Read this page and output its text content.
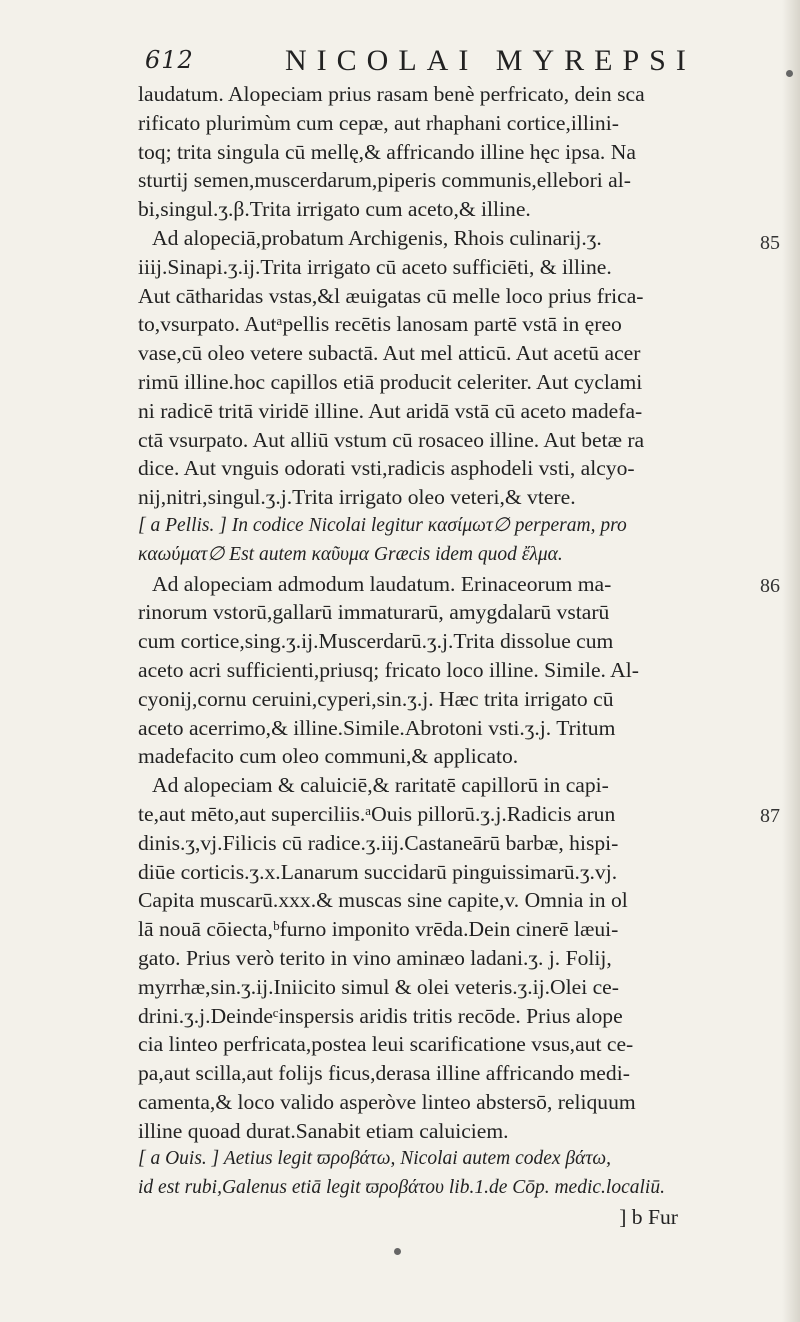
612	NICOLAI MYREPSI
laudatum. Alopeciam prius rasam benè perfricato, dein sca
rificato plurimùm cum cepæ, aut rhaphani cortice,illini-
toq; trita singula cū mellę,& affricando illine hęc ipsa. Na
sturtij semen,muscerdarum,piperis communis,ellebori al-
bi,singul.ʒ.β.Trita irrigato cum aceto,& illine.
Ad alopeciā,probatum Archigenis, Rhois culinarij.ʒ.
iiij.Sinapi.ʒ.ij.Trita irrigato cū aceto sufficiēti, & illine.
Aut cātharidas vstas,&l æuigatas cū melle loco prius frica-
to,vsurpato. Autᵃpellis recētis lanosam partē vstā in ęreo
vase,cū oleo vetere subactā. Aut mel atticū. Aut acetū acer
rimū illine.hoc capillos etiā producit celeriter. Aut cyclami
ni radicē tritā viridē illine. Aut aridā vstā cū aceto madefa-
ctā vsurpato. Aut alliū vstum cū rosaceo illine. Aut betæ ra
dice. Aut vnguis odorati vsti,radicis asphodeli vsti, alcyo-
nij,nitri,singul.ʒ.j.Trita irrigato oleo veteri,& vtere.
[ a Pellis. ] In codice Nicolai legitur κασίμωτ∅ perperam, pro
καωύματ∅ Est autem καῦυμα Græcis idem quod ἔλμα.
Ad alopeciam admodum laudatum. Erinaceorum ma-
rinorum vstorū,gallarū immaturarū, amygdalarū vstarū
cum cortice,sing.ʒ.ij.Muscerdarū.ʒ.j.Trita dissolue cum
aceto acri sufficienti,priusq; fricato loco illine. Simile. Al-
cyonij,cornu ceruini,cyperi,sin.ʒ.j. Hæc trita irrigato cū
aceto acerrimo,& illine.Simile.Abrotoni vsti.ʒ.j. Tritum
madefacito cum oleo communi,& applicato.
Ad alopeciam & caluiciē,& raritatē capillorū in capi-
te,aut mēto,aut superciliis.ᵃOuis pillorū.ʒ.j.Radicis arun
dinis.ʒ,vj.Filicis cū radice.ʒ.iij.Castaneārū barbæ, hispi-
diūe corticis.ʒ.x.Lanarum succidarū pinguissimarū.ʒ.vj.
Capita muscarū.xxx.& muscas sine capite,v. Omnia in ol
lā nouā cōiecta,ᵇfurno imponito vrēda.Dein cinerē læui-
gato. Prius verò terito in vino aminæo ladani.ʒ. j. Folij,
myrrhæ,sin.ʒ.ij.Iniicito simul & olei veteris.ʒ.ij.Olei ce-
drini.ʒ.j.Deindeᶜinspersis aridis tritis recōde. Prius alope
cia linteo perfricata,postea leui scarificatione vsus,aut ce-
pa,aut scilla,aut folijs ficus,derasa illine affricando medi-
camenta,& loco valido asperòve linteo abstersō, reliquum
illine quoad durat.Sanabit etiam caluiciem.
[ a Ouis. ] Aetius legit ϖροβάτω, Nicolai autem codex βάτω,
id est rubi,Galenus etiā legit ϖροβάτου lib.1.de Cōp. medic.localiū.
] b Fur
85
86
87
